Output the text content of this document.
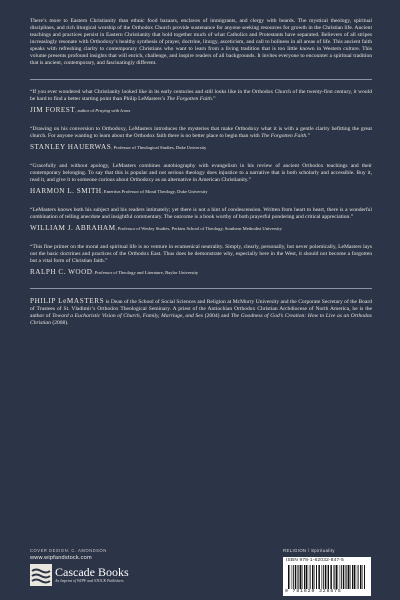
There’s more to Eastern Christianity than ethnic food bazaars, enclaves of immigrants, and clergy with beards. The mystical theology, spiritual disciplines, and rich liturgical worship of the Orthodox Church provide sustenance for anyone seeking resources for growth in the Christian life. Ancient teachings and practices persist in Eastern Christianity that hold together much of what Catholics and Protestants have separated. Believers of all stripes increasingly resonate with Orthodoxy’s healthy synthesis of prayer, doctrine, liturgy, asceticism, and call to holiness in all areas of life. This ancient faith speaks with refreshing clarity to contemporary Christians who want to learn from a living tradition that is too little known in Western culture. This volume presents profound insights that will enrich, challenge, and inspire readers of all backgrounds. It invites everyone to encounter a spiritual tradition that is ancient, contemporary, and fascinatingly different.

“If you ever wondered what Christianity looked like in its early centuries and still looks like in the Orthodox Church of the twenty-first century, it would be hard to find a better starting point than Philip LeMasters’s The Forgotten Faith.”

JIM FOREST, author of Praying with Icons

“Drawing on his conversion to Orthodoxy, LeMasters introduces the mysteries that make Orthodoxy what it is with a gentle clarity befitting the great church. For anyone wanting to learn about the Orthodox faith there is no better place to begin than with The Forgotten Faith.”

STANLEY HAUERWAS, Professor of Theological Studies, Duke University

“Gracefully and without apology, LeMasters combines autobiography with evangelism in his review of ancient Orthodox teachings and their contemporary belonging. To say that this is popular and not serious theology does injustice to a narrative that is both scholarly and accessible. Buy it, read it, and give it to someone curious about Orthodoxy as an alternative in American Christianity.”

HARMON L. SMITH, Emeritus Professor of Moral Theology, Duke University

“LeMasters knows both his subject and his readers intimately; yet there is not a hint of condescension. Written from heart to heart, there is a wonderful combination of telling anecdote and insightful commentary. The outcome is a book worthy of both prayerful pondering and critical appreciation.”

WILLIAM J. ABRAHAM, Professor of Wesley Studies, Perkins School of Theology, Southern Methodist University

“This fine primer on the moral and spiritual life is no venture in ecumenical neutrality. Simply, clearly, personally, but never polemically, LeMasters lays out the basic doctrines and practices of the Orthodox East. Thus does he demonstrate why, especially here in the West, it should not become a forgotten but a vital form of Christian faith.”

RALPH C. WOOD, Professor of Theology and Literature, Baylor University

PHILIP LeMASTERS is Dean of the School of Social Sciences and Religion at McMurry University and the Corporate Secretary of the Board of Trustees of St. Vladimir’s Orthodox Theological Seminary. A priest of the Antiochian Orthodox Christian Archdiocese of North America, he is the author of Toward a Eucharistic Vision of Church, Family, Marriage, and Sex (2004) and The Goodness of God’s Creation: How to Live as an Orthodox Christian (2008).

COVER DESIGN: C. AMONDSON
www.wipfandstock.com
Cascade Books
An Imprint of WIPF and STOCK Publishers
RELIGION / Spirituality
ISBN 978-1-62032-847-5
9 781620 328675
